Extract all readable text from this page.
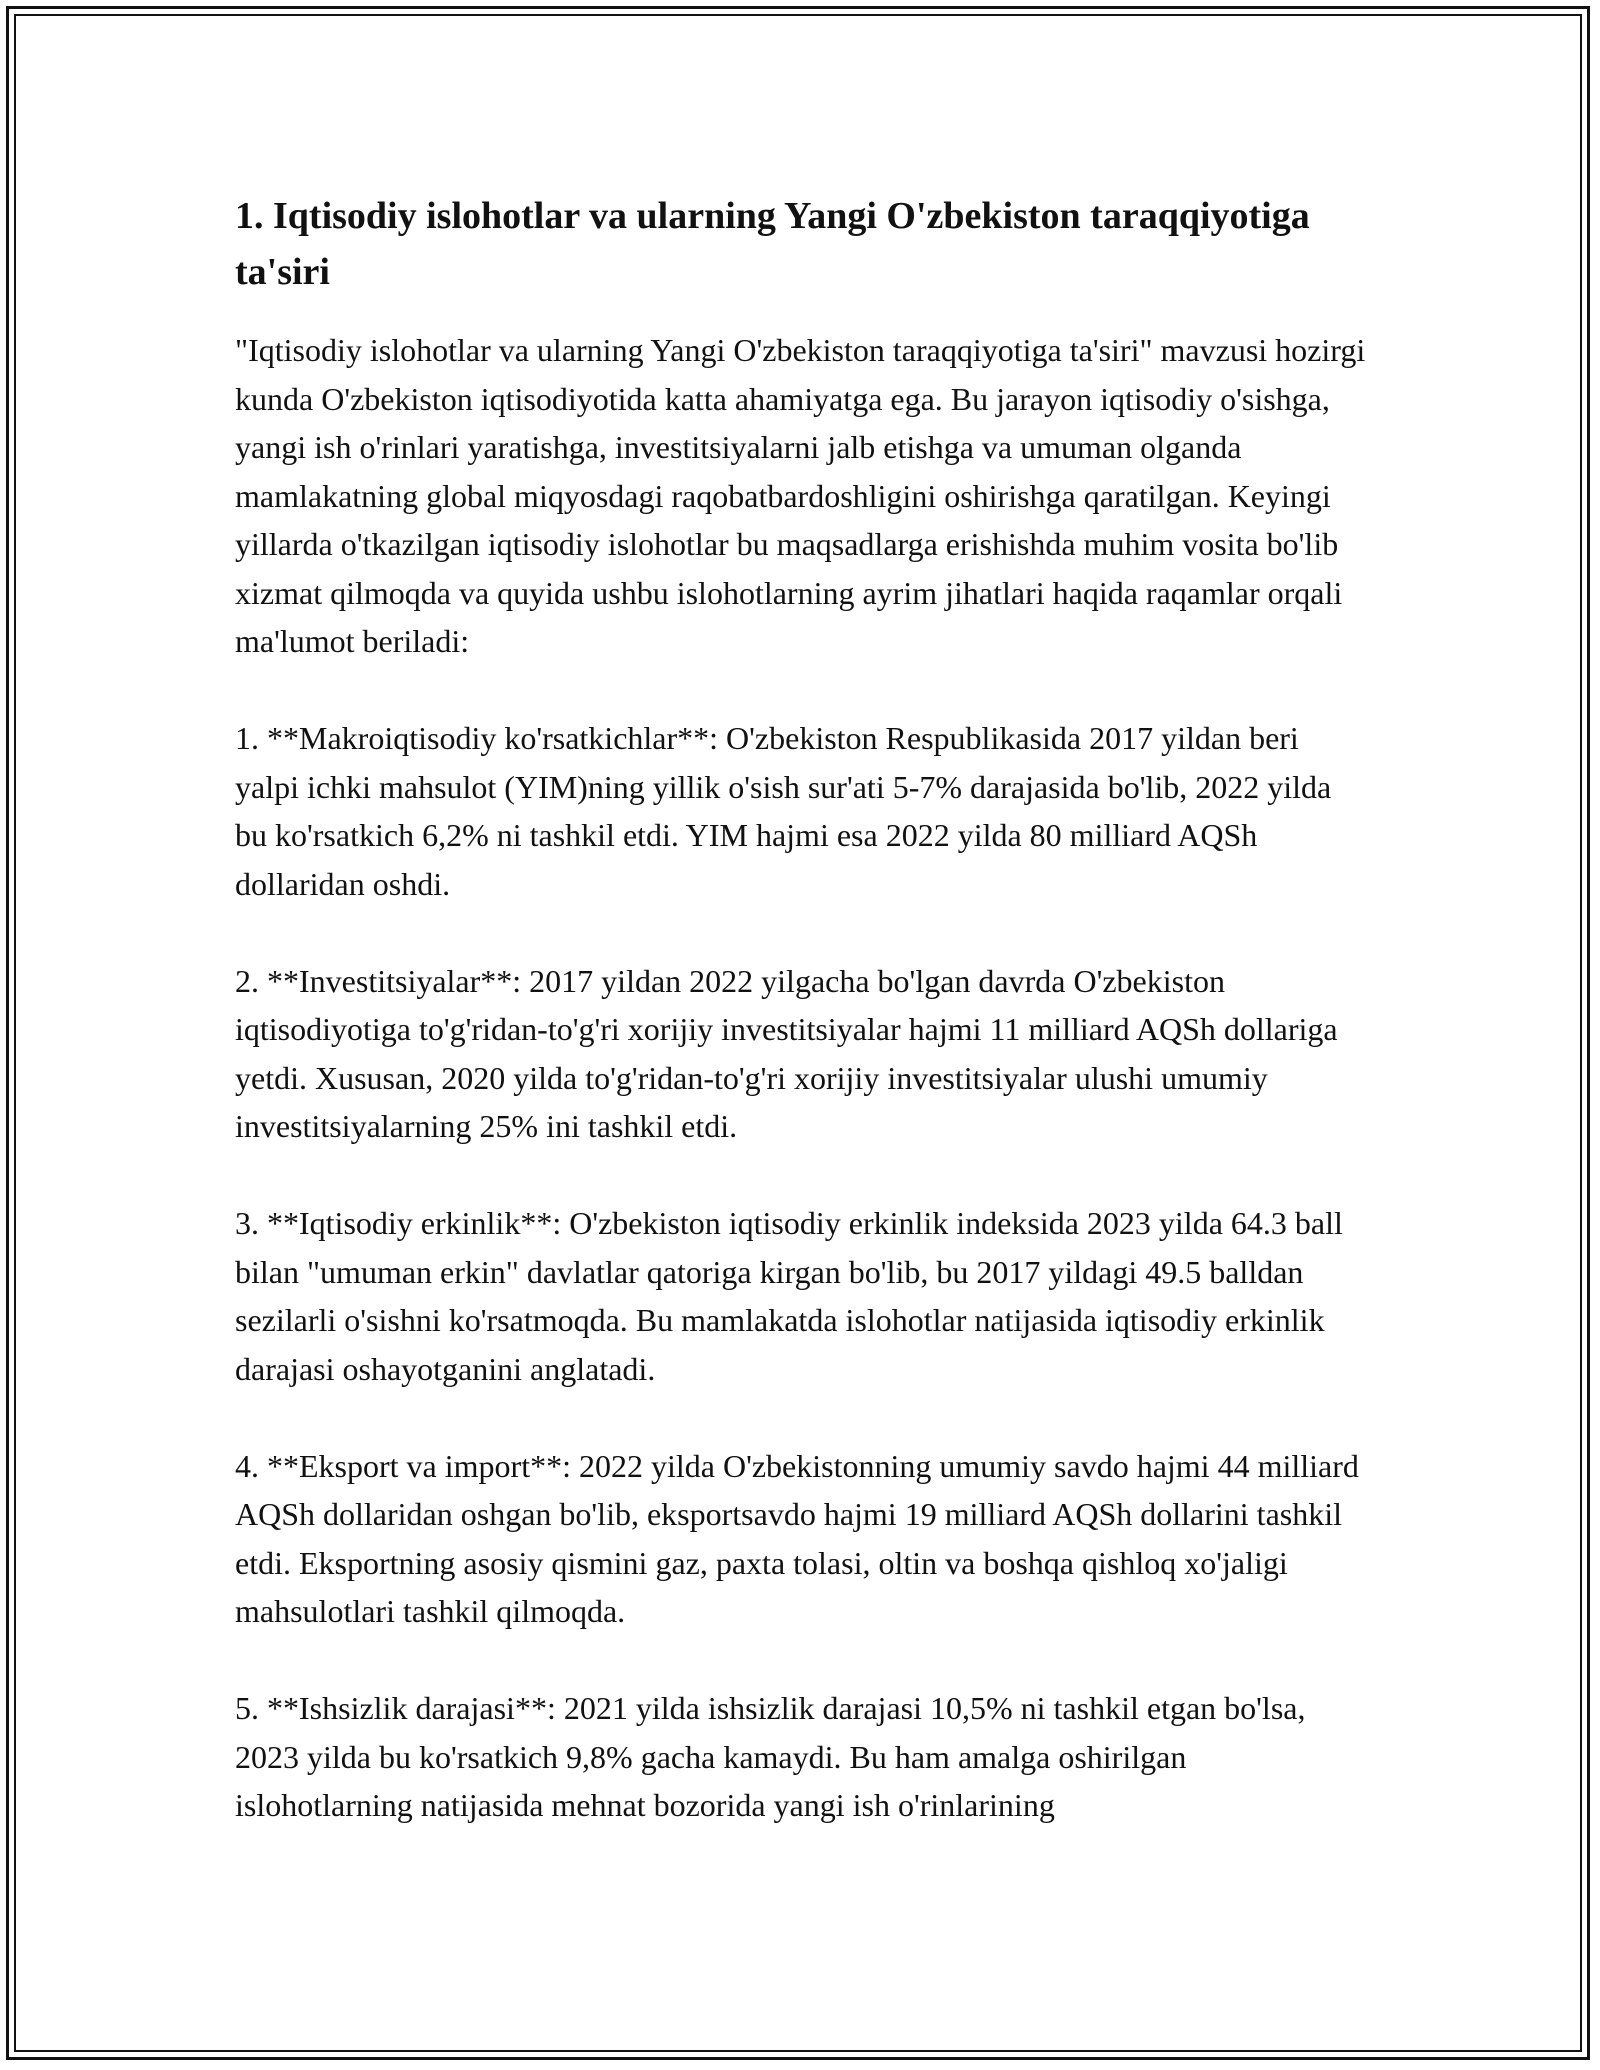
1. Iqtisodiy islohotlar va ularning Yangi O'zbekiston taraqqiyotiga ta'siri

"Iqtisodiy islohotlar va ularning Yangi O'zbekiston taraqqiyotiga ta'siri" mavzusi hozirgi kunda O'zbekiston iqtisodiyotida katta ahamiyatga ega. Bu jarayon iqtisodiy o'sishga, yangi ish o'rinlari yaratishga, investitsiyalarni jalb etishga va umuman olganda mamlakatning global miqyosdagi raqobatbardoshligini oshirishga qaratilgan. Keyingi yillarda o'tkazilgan iqtisodiy islohotlar bu maqsadlarga erishishda muhim vosita bo'lib xizmat qilmoqda va quyida ushbu islohotlarning ayrim jihatlari haqida raqamlar orqali ma'lumot beriladi:

1. **Makroiqtisodiy ko'rsatkichlar**: O'zbekiston Respublikasida 2017 yildan beri yalpi ichki mahsulot (YIM)ning yillik o'sish sur'ati 5-7% darajasida bo'lib, 2022 yilda bu ko'rsatkich 6,2% ni tashkil etdi. YIM hajmi esa 2022 yilda 80 milliard AQSh dollaridan oshdi.

2. **Investitsiyalar**: 2017 yildan 2022 yilgacha bo'lgan davrda O'zbekiston iqtisodiyotiga to'g'ridan-to'g'ri xorijiy investitsiyalar hajmi 11 milliard AQSh dollariga yetdi. Xususan, 2020 yilda to'g'ridan-to'g'ri xorijiy investitsiyalar ulushi umumiy investitsiyalarning 25% ini tashkil etdi.

3. **Iqtisodiy erkinlik**: O'zbekiston iqtisodiy erkinlik indeksida 2023 yilda 64.3 ball bilan "umuman erkin" davlatlar qatoriga kirgan bo'lib, bu 2017 yildagi 49.5 balldan sezilarli o'sishni ko'rsatmoqda. Bu mamlakatda islohotlar natijasida iqtisodiy erkinlik darajasi oshayotganini anglatadi.

4. **Eksport va import**: 2022 yilda O'zbekistonning umumiy savdo hajmi 44 milliard AQSh dollaridan oshgan bo'lib, eksportsavdo hajmi 19 milliard AQSh dollarini tashkil etdi. Eksportning asosiy qismini gaz, paxta tolasi, oltin va boshqa qishloq xo'jaligi mahsulotlari tashkil qilmoqda.

5. **Ishsizlik darajasi**: 2021 yilda ishsizlik darajasi 10,5% ni tashkil etgan bo'lsa, 2023 yilda bu ko'rsatkich 9,8% gacha kamaydi. Bu ham amalga oshirilgan islohotlarning natijasida mehnat bozorida yangi ish o'rinlarining
